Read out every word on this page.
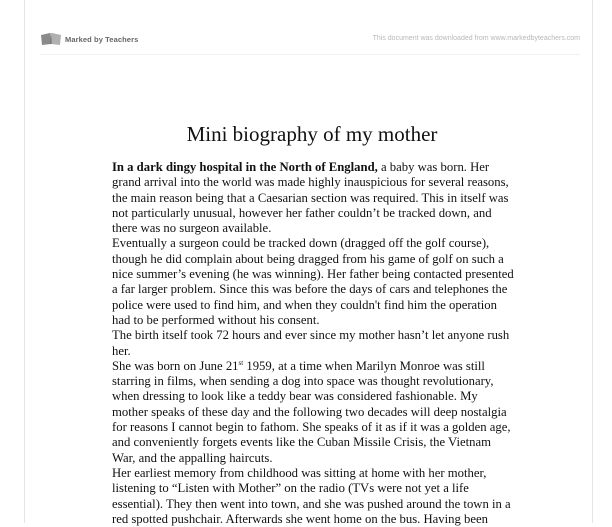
Marked by Teachers	This document was downloaded from www.markedbyteachers.com
Mini biography of my mother

In a dark dingy hospital in the North of England, a baby was born. Her grand arrival into the world was made highly inauspicious for several reasons, the main reason being that a Caesarian section was required. This in itself was not particularly unusual, however her father couldn’t be tracked down, and there was no surgeon available.

Eventually a surgeon could be tracked down (dragged off the golf course), though he did complain about being dragged from his game of golf on such a nice summer’s evening (he was winning). Her father being contacted presented a far larger problem. Since this was before the days of cars and telephones the police were used to find him, and when they couldn't find him the operation had to be performed without his consent.

The birth itself took 72 hours and ever since my mother hasn’t let anyone rush her.

She was born on June 21st 1959, at a time when Marilyn Monroe was still starring in films, when sending a dog into space was thought revolutionary, when dressing to look like a teddy bear was considered fashionable. My mother speaks of these day and the following two decades will deep nostalgia for reasons I cannot begin to fathom. She speaks of it as if it was a golden age, and conveniently forgets events like the Cuban Missile Crisis, the Vietnam War, and the appalling haircuts.

Her earliest memory from childhood was sitting at home with her mother, listening to “Listen with Mother” on the radio (TVs were not yet a life essential). They then went into town, and she was pushed around the town in a red spotted pushchair. Afterwards she went home on the bus. Having been
